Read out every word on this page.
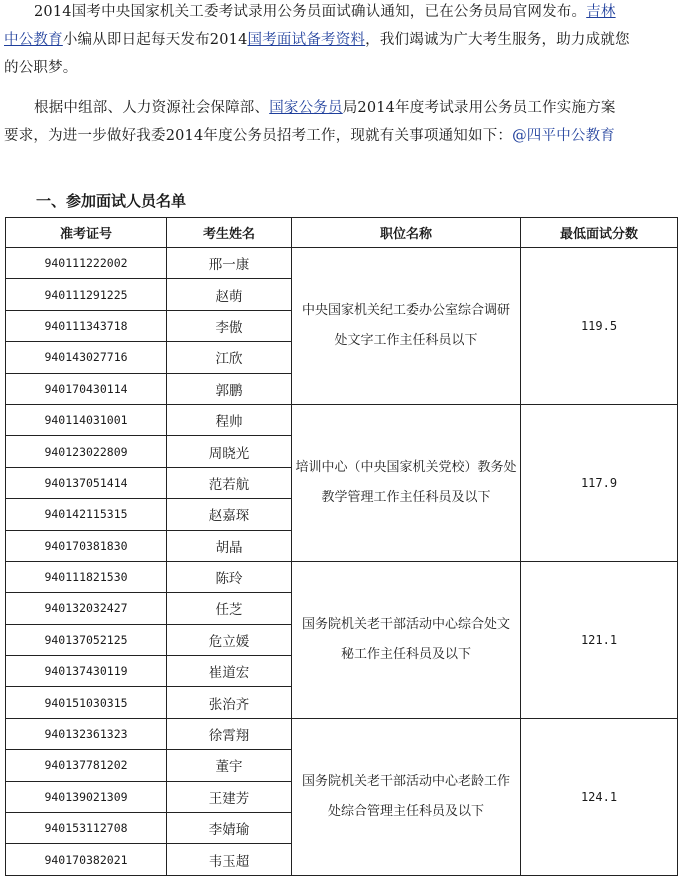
2014国考中央国家机关工委考试录用公务员面试确认通知，已在公务员局官网发布。吉林中公教育小编从即日起每天发布2014国考面试备考资料，我们竭诚为广大考生服务，助力成就您的公职梦。

根据中组部、人力资源社会保障部、国家公务员局2014年度考试录用公务员工作实施方案要求，为进一步做好我委2014年度公务员招考工作，现就有关事项通知如下：@四平中公教育

一、参加面试人员名单
准考证号	考生姓名	职位名称	最低面试分数
940111222002	邢一康	中央国家机关纪工委办公室综合调研
处文字工作主任科员以下	119.5
940111291225	赵萌		
940111343718	李傲		
940143027716	江欣		
940170430114	郭鹏		
940114031001	程帅	培训中心（中央国家机关党校）教务处
教学管理工作主任科员及以下	117.9
940123022809	周晓光		
940137051414	范若航		
940142115315	赵嘉琛		
940170381830	胡晶		
940111821530	陈玲	国务院机关老干部活动中心综合处文
秘工作主任科员及以下	121.1
940132032427	任芝		
940137052125	危立媛		
940137430119	崔道宏		
940151030315	张治齐		
940132361323	徐霄翔	国务院机关老干部活动中心老龄工作
处综合管理主任科员及以下	124.1
940137781202	董宇		
940139021309	王建芳		
940153112708	李婧瑜		
940170382021	韦玉超		
